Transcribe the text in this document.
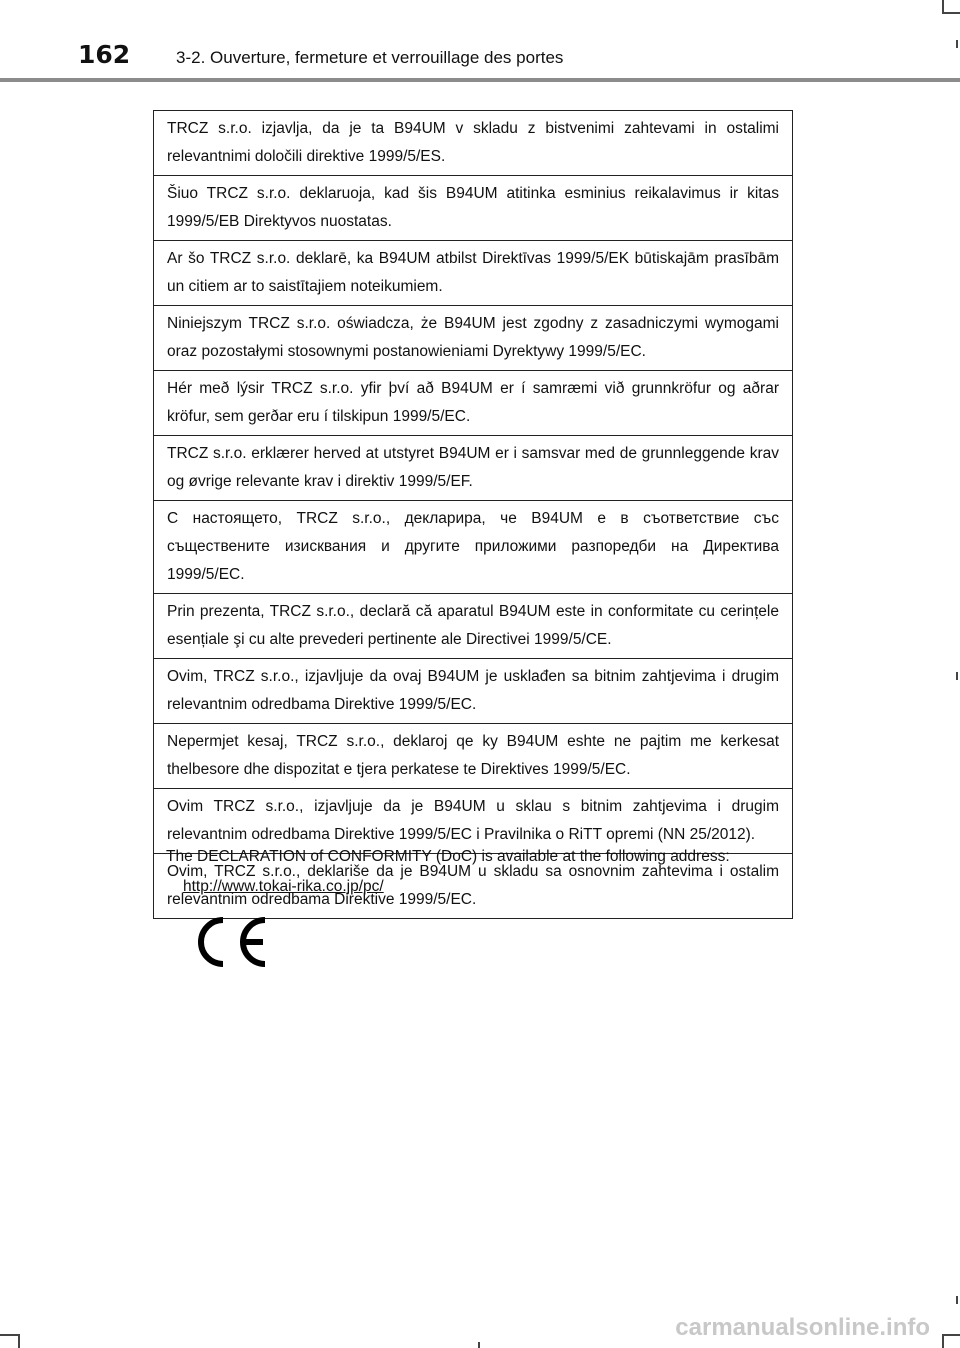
162	3-2. Ouverture, fermeture et verrouillage des portes
TRCZ s.r.o. izjavlja, da je ta B94UM v skladu z bistvenimi zahtevami in ostalimi relevantnimi določili direktive 1999/5/ES.
Šiuo TRCZ s.r.o. deklaruoja, kad šis B94UM atitinka esminius reikalavimus ir kitas 1999/5/EB Direktyvos nuostatas.
Ar šo TRCZ s.r.o. deklarē, ka B94UM atbilst Direktīvas 1999/5/EK būtiskajām prasībām un citiem ar to saistītajiem noteikumiem.
Niniejszym TRCZ s.r.o. oświadcza, że B94UM jest zgodny z zasadniczymi wymogami oraz pozostałymi stosownymi postanowieniami Dyrektywy 1999/5/EC.
Hér með lýsir TRCZ s.r.o. yfir því að B94UM er í samræmi við grunnkröfur og aðrar kröfur, sem gerðar eru í tilskipun 1999/5/EC.
TRCZ s.r.o. erklærer herved at utstyret B94UM er i samsvar med de grunnleggende krav og øvrige relevante krav i direktiv 1999/5/EF.
С настоящето, TRCZ s.r.o., декларира, че B94UM е в съответствие със съществените изисквания и другите приложими разпоредби на Директива 1999/5/EC.
Prin prezenta, TRCZ s.r.o., declară că aparatul B94UM este in conformitate cu cerințele esențiale şi cu alte prevederi pertinente ale Directivei 1999/5/CE.
Ovim, TRCZ s.r.o., izjavljuje da ovaj B94UM je usklađen sa bitnim zahtjevima i drugim relevantnim odredbama Direktive 1999/5/EC.
Nepermjet kesaj, TRCZ s.r.o., deklaroj qe ky B94UM eshte ne pajtim me kerkesat thelbesore dhe dispozitat e tjera perkatese te Direktives 1999/5/EC.
Ovim TRCZ s.r.o., izjavljuje da je B94UM u sklau s bitnim zahtjevima i drugim relevantnim odredbama Direktive 1999/5/EC i Pravilnika o RiTT opremi (NN 25/2012).
Ovim, TRCZ s.r.o., deklariše da je B94UM u skladu sa osnovnim zahtevima i ostalim relevantnim odredbama Direktive 1999/5/EC.
The DECLARATION of CONFORMITY (DoC) is available at the following address:
http://www.tokai-rika.co.jp/pc/
carmanualsonline.info
